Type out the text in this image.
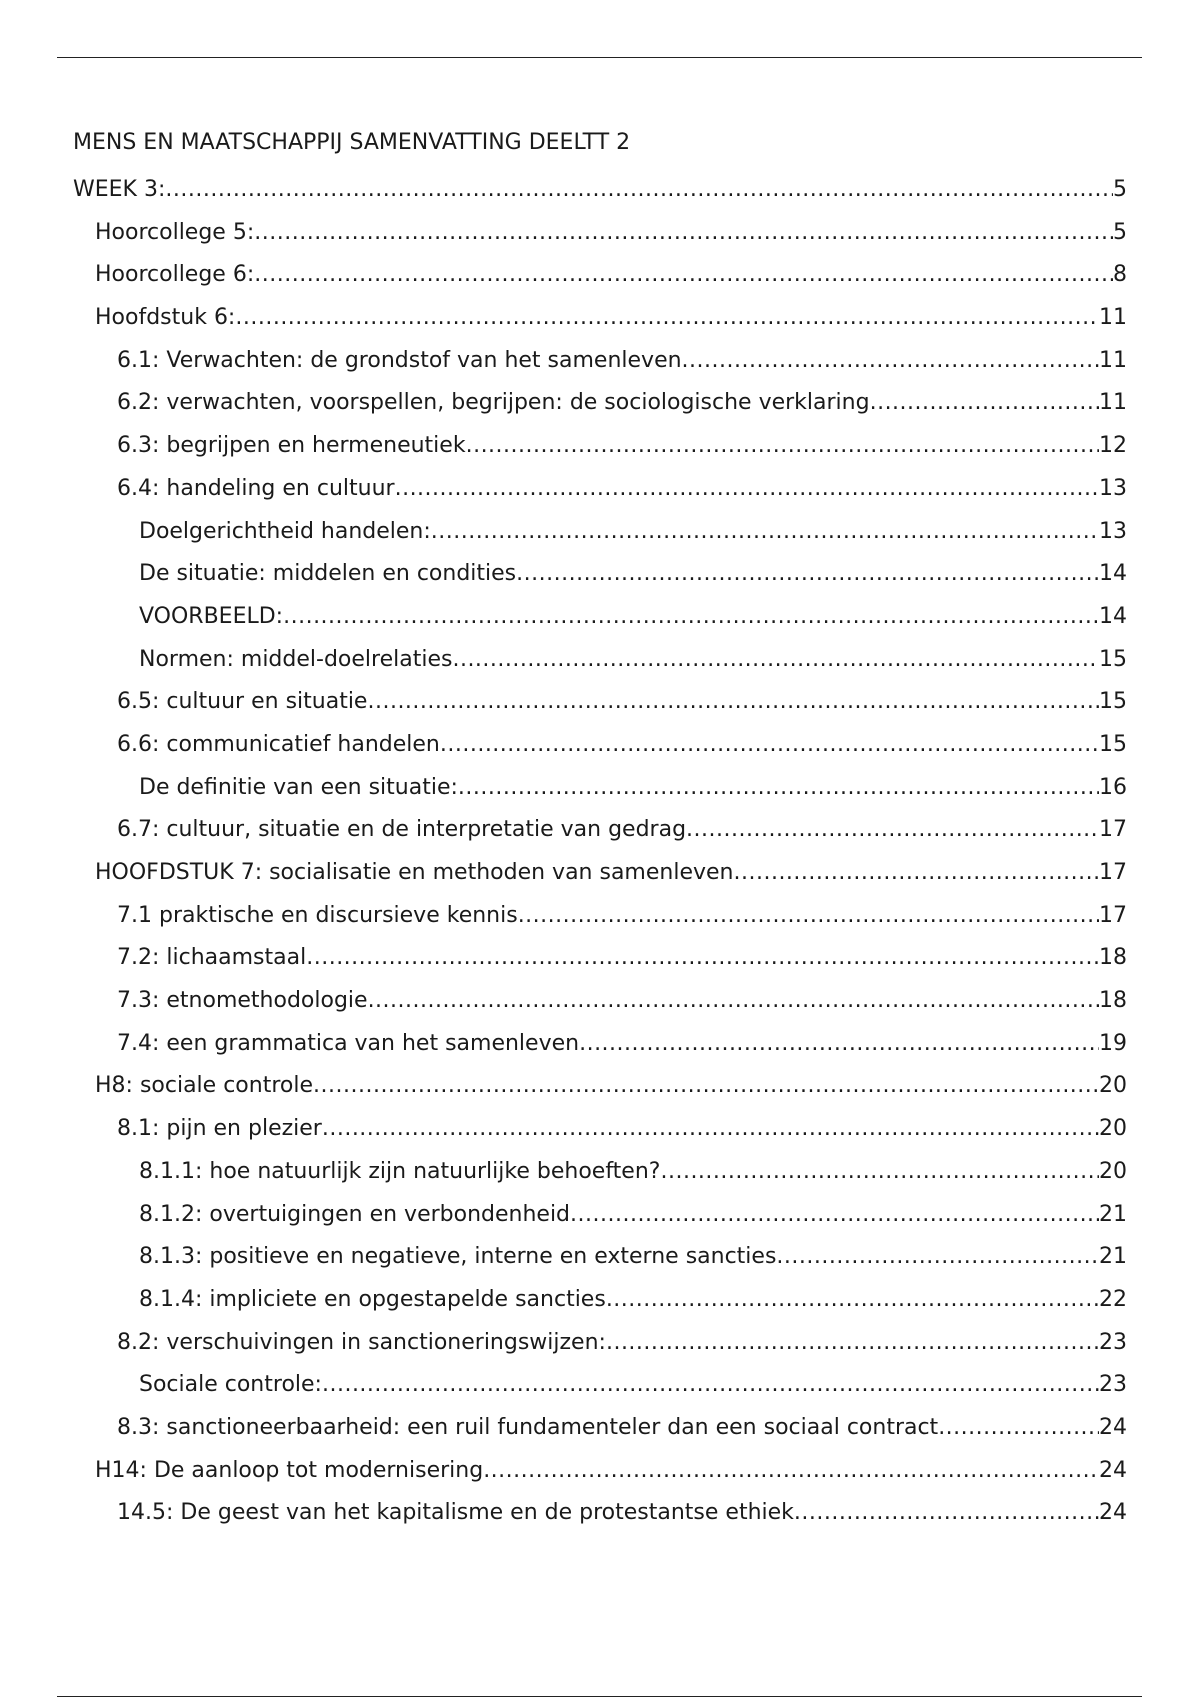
MENS EN MAATSCHAPPIJ SAMENVATTING DEELTT 2
WEEK 3: .....	5
Hoorcollege 5: .....	5
Hoorcollege 6: .....	8
Hoofdstuk 6: .....	11
6.1: Verwachten: de grondstof van het samenleven .....	11
6.2: verwachten, voorspellen, begrijpen: de sociologische verklaring .....	11
6.3: begrijpen en hermeneutiek .....	12
6.4: handeling en cultuur .....	13
Doelgerichtheid handelen: .....	13
De situatie: middelen en condities .....	14
VOORBEELD: .....	14
Normen: middel-doelrelaties .....	15
6.5: cultuur en situatie .....	15
6.6: communicatief handelen .....	15
De definitie van een situatie: .....	16
6.7: cultuur, situatie en de interpretatie van gedrag .....	17
HOOFDSTUK 7: socialisatie en methoden van samenleven .....	17
7.1 praktische en discursieve kennis .....	17
7.2: lichaamstaal .....	18
7.3: etnomethodologie .....	18
7.4: een grammatica van het samenleven .....	19
H8: sociale controle .....	20
8.1: pijn en plezier .....	20
8.1.1: hoe natuurlijk zijn natuurlijke behoeften? .....	20
8.1.2: overtuigingen en verbondenheid .....	21
8.1.3: positieve en negatieve, interne en externe sancties .....	21
8.1.4: impliciete en opgestapelde sancties .....	22
8.2: verschuivingen in sanctioneringswijzen: .....	23
Sociale controle: .....	23
8.3: sanctioneerbaarheid: een ruil fundamenteler dan een sociaal contract .....	24
H14: De aanloop tot modernisering .....	24
14.5: De geest van het kapitalisme en de protestantse ethiek .....	24
